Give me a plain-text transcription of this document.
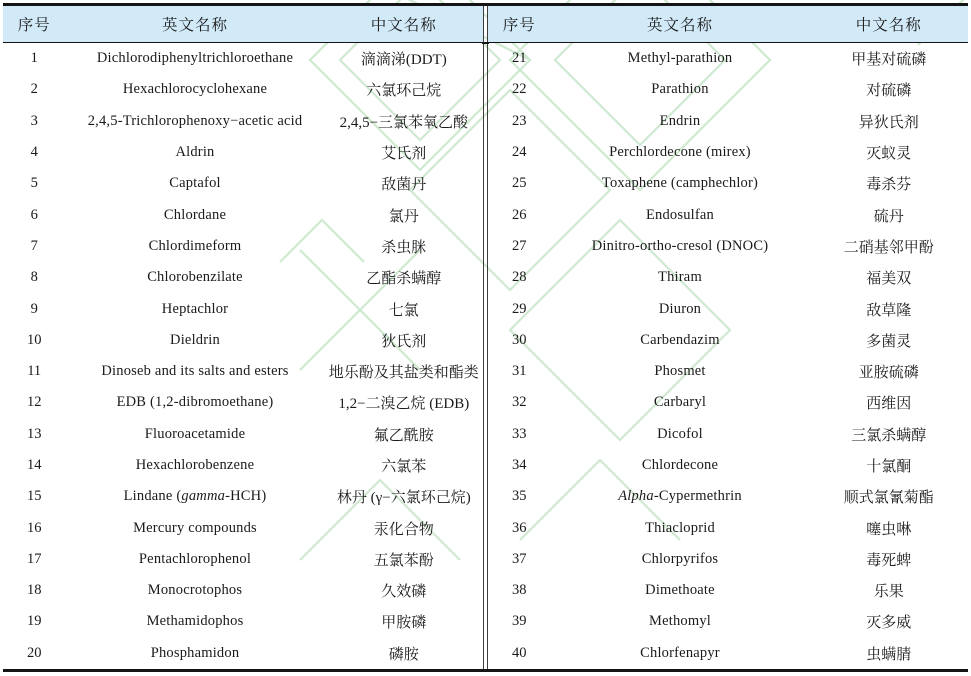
序号	英文名称	中文名称
1	Dichlorodiphenyltrichloroethane	滴滴涕(DDT)
2	Hexachlorocyclohexane	六氯环己烷
3	2,4,5-Trichlorophenoxy−acetic acid	2,4,5−三氯苯氧乙酸
4	Aldrin	艾氏剂
5	Captafol	敌菌丹
6	Chlordane	氯丹
7	Chlordimeform	杀虫脒
8	Chlorobenzilate	乙酯杀螨醇
9	Heptachlor	七氯
10	Dieldrin	狄氏剂
11	Dinoseb and its salts and esters	地乐酚及其盐类和酯类
12	EDB (1,2-dibromoethane)	1,2−二溴乙烷 (EDB)
13	Fluoroacetamide	氟乙酰胺
14	Hexachlorobenzene	六氯苯
15	Lindane (gamma-HCH)	林丹 (γ−六氯环己烷)
16	Mercury compounds	汞化合物
17	Pentachlorophenol	五氯苯酚
18	Monocrotophos	久效磷
19	Methamidophos	甲胺磷
20	Phosphamidon	磷胺
序号	英文名称	中文名称
21	Methyl-parathion	甲基对硫磷
22	Parathion	对硫磷
23	Endrin	异狄氏剂
24	Perchlordecone (mirex)	灭蚁灵
25	Toxaphene (camphechlor)	毒杀芬
26	Endosulfan	硫丹
27	Dinitro-ortho-cresol (DNOC)	二硝基邻甲酚
28	Thiram	福美双
29	Diuron	敌草隆
30	Carbendazim	多菌灵
31	Phosmet	亚胺硫磷
32	Carbaryl	西维因
33	Dicofol	三氯杀螨醇
34	Chlordecone	十氯酮
35	Alpha-Cypermethrin	顺式氯氰菊酯
36	Thiacloprid	噻虫啉
37	Chlorpyrifos	毒死蜱
38	Dimethoate	乐果
39	Methomyl	灭多威
40	Chlorfenapyr	虫螨腈
